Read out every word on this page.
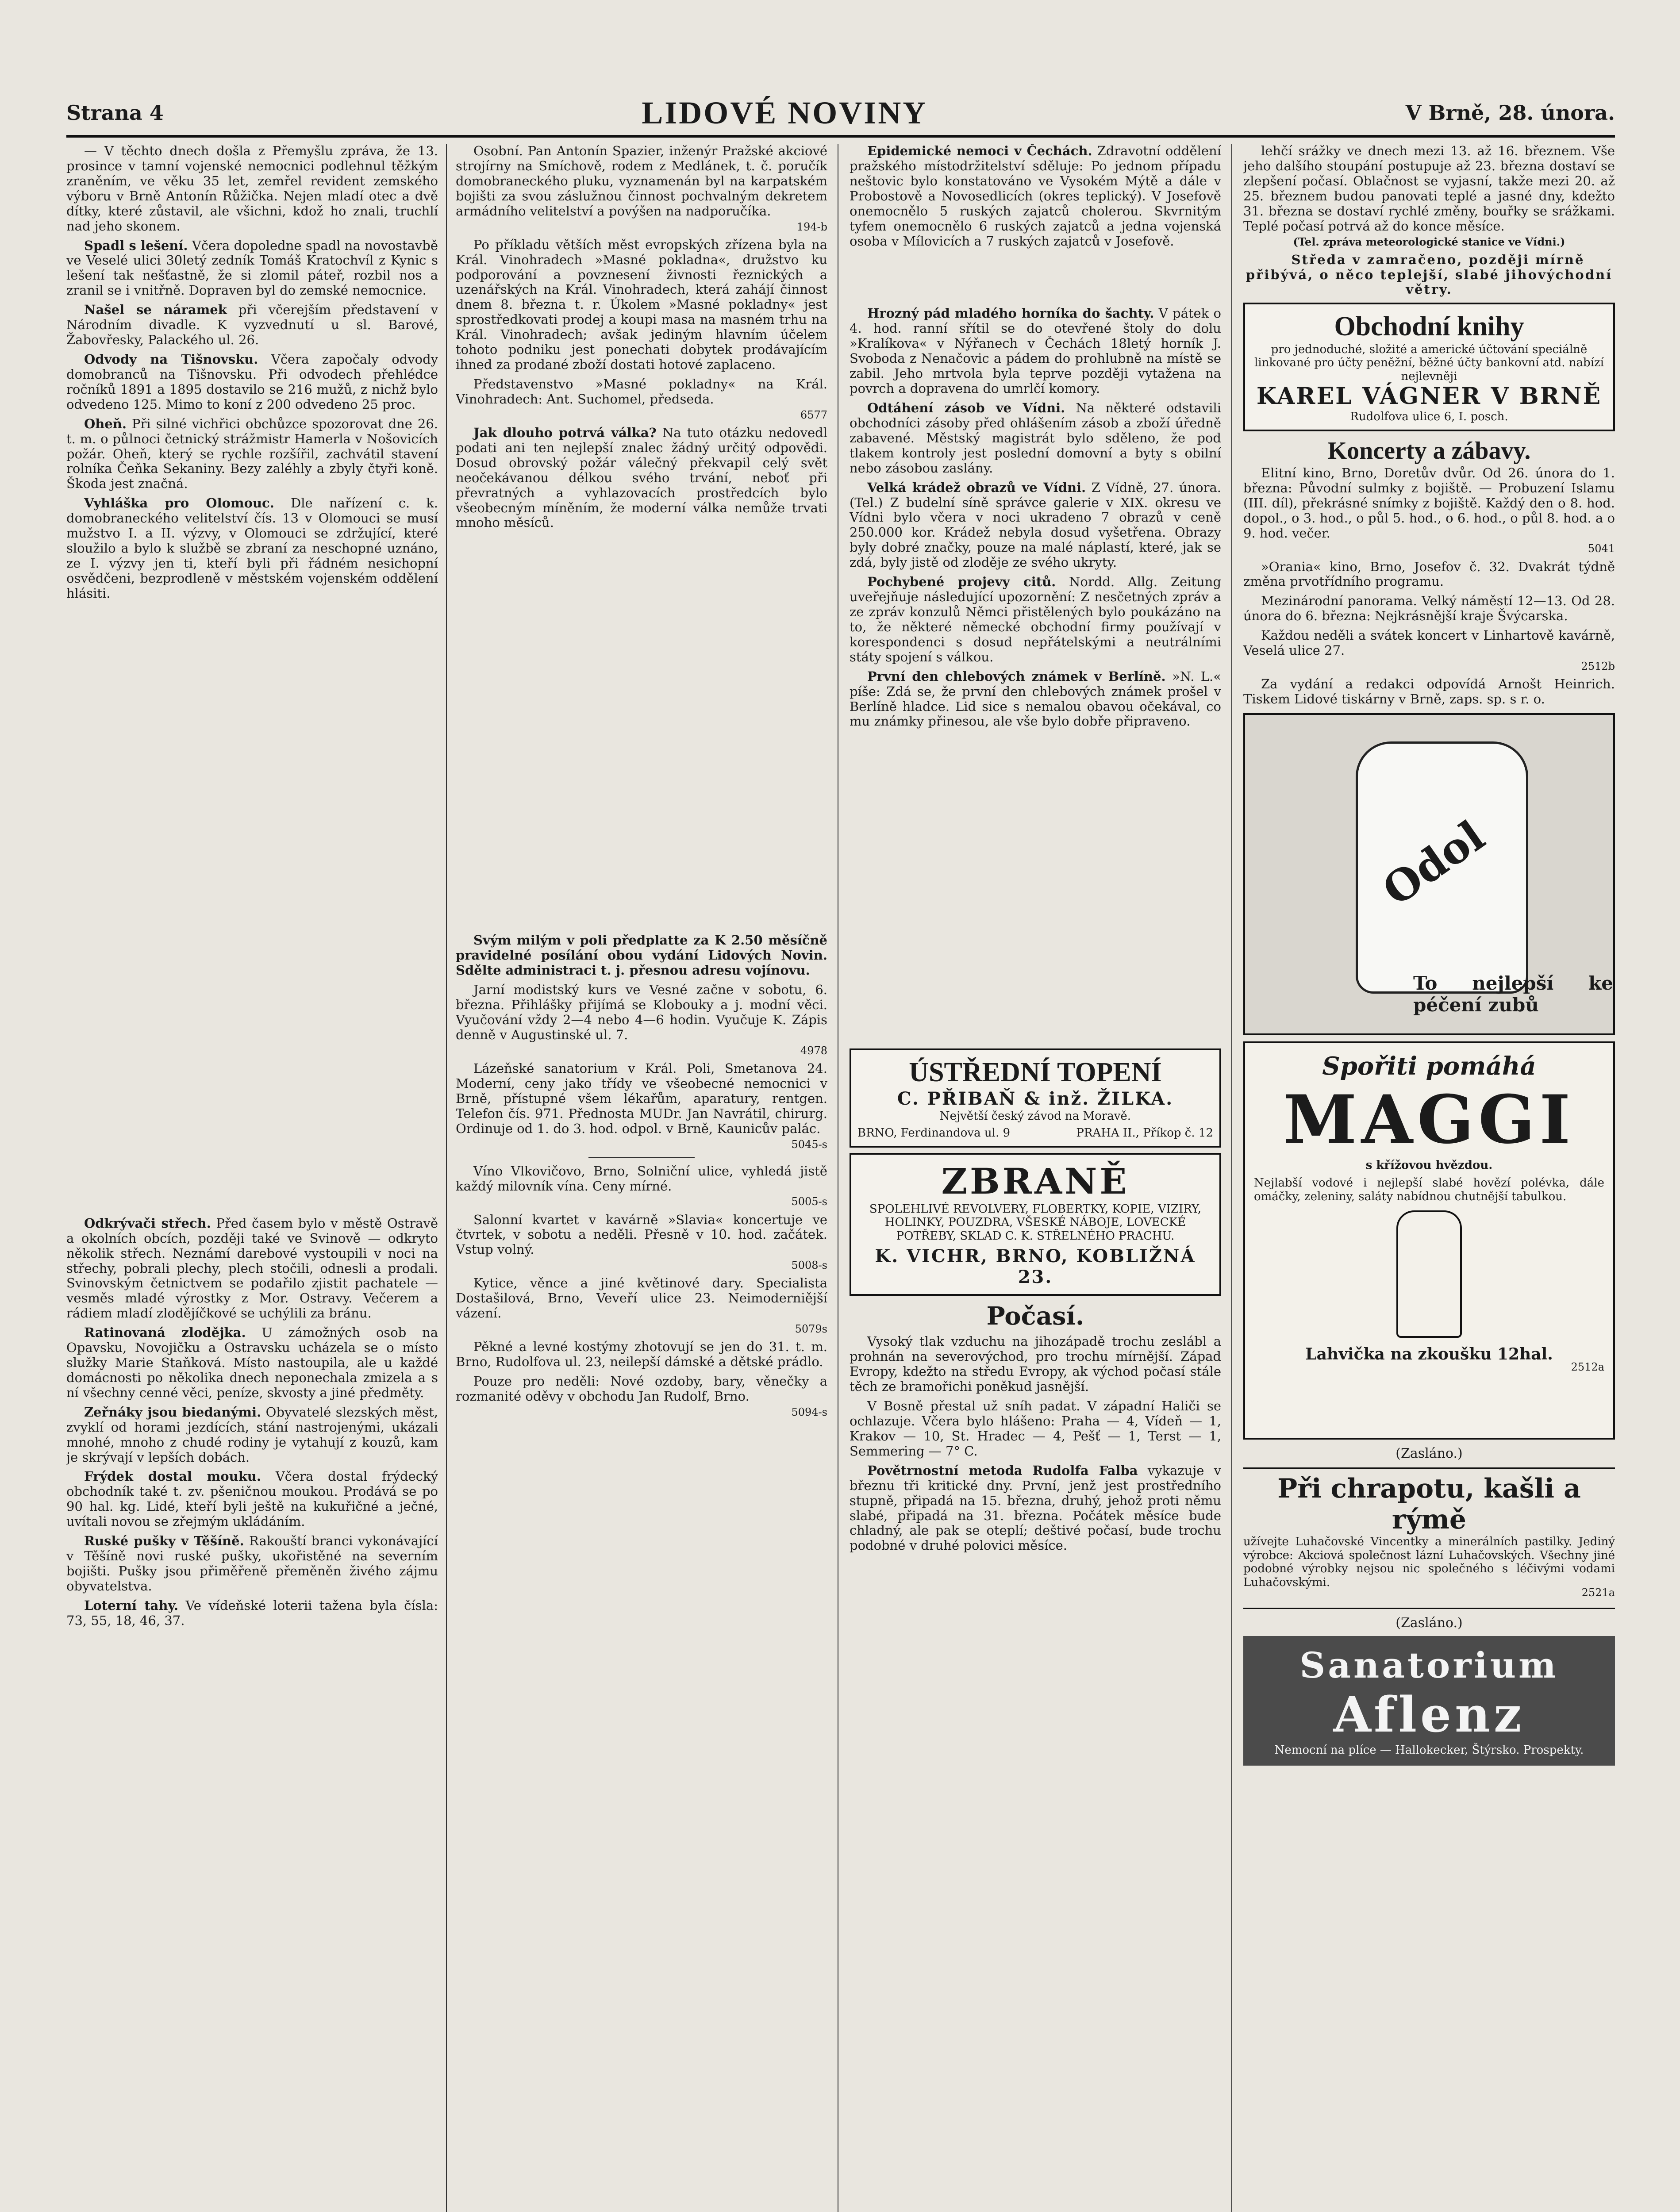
Strana 4	LIDOVÉ NOVINY	V Brně, 28. února.

— V těchto dnech došla z Přemyšlu zpráva, že 13. prosince v tamní vojenské nemocnici podlehnul těžkým zraněním, ve věku 35 let, zemřel revident zemského výboru v Brně Antonín Růžička. Nejen mladí otec a dvě dítky, které zůstavil, ale všichni, kdož ho znali, truchlí nad jeho skonem.

Spadl s lešení. Včera dopoledne spadl na novostavbě ve Veselé ulici 30letý zedník Tomáš Kratochvíl z Kynic s lešení tak nešťastně, že si zlomil páteř, rozbil nos a zranil se i vnitřně. Dopraven byl do zemské nemocnice.

Našel se náramek při včerejším představení v Národním divadle. K vyzvednutí u sl. Barové, Žabovřesky, Palackého ul. 26.

Odvody na Tišnovsku. Včera započaly odvody domobranců na Tišnovsku. Při odvodech přehlédce ročníků 1891 a 1895 dostavilo se 216 mužů, z nichž bylo odvedeno 125. Mimo to koní z 200 odvedeno 25 proc.

Oheň. Při silné vichřici obchůzce spozorovat dne 26. t. m. o půlnoci četnický strážmistr Hamerla v Nošovicích požár. Oheň, který se rychle rozšířil, zachvátil stavení rolníka Čeňka Sekaniny. Bezy zaléhly a zbyly čtyři koně. Škoda jest značná.

Vyhláška pro Olomouc. Dle nařízení c. k. domobraneckého velitelství čís. 13 v Olomouci se musí mužstvo I. a II. výzvy, v Olomouci se zdržující, které sloužilo a bylo k službě se zbraní za neschopné uznáno, ze I. výzvy jen ti, kteří byli při řádném nesichopní osvědčeni, bezprodleně v městském vojenském oddělení hlásiti.

Odkrývači střech. Před časem bylo v městě Ostravě a okolních obcích, později také ve Svinově — odkryto několik střech. Neznámí darebové vystoupili v noci na střechy, pobrali plechy, plech stočili, odnesli a prodali. Svinovským četnictvem se podařilo zjistit pachatele — vesměs mladé výrostky z Mor. Ostravy. Večerem a rádiem mladí zlodějíčkové se uchýlili za bránu.

Ratinovaná zlodějka. U zámožných osob na Opavsku, Novojičku a Ostravsku ucházela se o místo služky Marie Staňková. Místo nastoupila, ale u každé domácnosti po několika dnech neponechala zmizela a s ní všechny cenné věci, peníze, skvosty a jiné předměty.

Zeřnáky jsou biedanými. Obyvatelé slezských měst, zvyklí od horami jezdících, stání nastrojenými, ukázali mnohé, mnoho z chudé rodiny je vytahují z kouzů, kam je skrývají v lepších dobách.

Frýdek dostal mouku. Včera dostal frýdecký obchodník také t. zv. pšeničnou moukou. Prodává se po 90 hal. kg. Lidé, kteří byli ještě na kukuřičné a ječné, uvítali novou se zřejmým ukládáním.

Ruské pušky v Těšíně. Rakouští branci vykonávající v Těšíně novi ruské pušky, ukořistěné na severním bojišti. Pušky jsou přiměřeně přeměněn živého zájmu obyvatelstva.

Loterní tahy. Ve vídeňské loterii tažena byla čísla: 73, 55, 18, 46, 37.

Osobní. Pan Antonín Spazier, inženýr Pražské akciové strojírny na Smíchově, rodem z Medlánek, t. č. poručík domobraneckého pluku, vyznamenán byl na karpatském bojišti za svou záslužnou činnost pochvalným dekretem armádního velitelství a povýšen na nadporučíka.

194-b

Po příkladu větších měst evropských zřízena byla na Král. Vinohradech »Masné pokladna«, družstvo ku podporování a povznesení živnosti řeznických a uzenářských na Král. Vinohradech, která zahájí činnost dnem 8. března t. r. Úkolem »Masné pokladny« jest sprostředkovati prodej a koupi masa na masném trhu na Král. Vinohradech; avšak jediným hlavním účelem tohoto podniku jest ponechati dobytek prodávajícím ihned za prodané zboží dostati hotové zaplaceno.

Představenstvo »Masné pokladny« na Král. Vinohradech: Ant. Suchomel, předseda.

6577

Jak dlouho potrvá válka? Na tuto otázku nedovedl podati ani ten nejlepší znalec žádný určitý odpovědi. Dosud obrovský požár válečný překvapil celý svět neočekávanou délkou svého trvání, neboť při převratných a vyhlazovacích prostředcích bylo všeobecným míněním, že moderní válka nemůže trvati mnoho měsíců.

Svým milým v poli předplatte za K 2.50 měsíčně pravidelné posílání obou vydání Lidových Novin. Sdělte administraci t. j. přesnou adresu vojínovu.

Jarní modistský kurs ve Vesné začne v sobotu, 6. března. Přihlášky přijímá se Klobouky a j. modní věci. Vyučování vždy 2—4 nebo 4—6 hodin. Vyučuje K. Zápis denně v Augustinské ul. 7.

4978

Lázeňské sanatorium v Král. Poli, Smetanova 24. Moderní, ceny jako třídy ve všeobecné nemocnici v Brně, přístupné všem lékařům, aparatury, rentgen. Telefon čís. 971. Přednosta MUDr. Jan Navrátil, chirurg. Ordinuje od 1. do 3. hod. odpol. v Brně, Kaunicův palác.

5045-s

Víno Vlkovičovo, Brno, Solniční ulice, vyhledá jistě každý milovník vína. Ceny mírné.

5005-s

Salonní kvartet v kavárně »Slavia« koncertuje ve čtvrtek, v sobotu a neděli. Přesně v 10. hod. začátek. Vstup volný.

5008-s

Kytice, věnce a jiné květinové dary. Specialista Dostašilová, Brno, Veveří ulice 23. Neimoderniější vázení.

5079s

Pěkné a levné kostýmy zhotovují se jen do 31. t. m. Brno, Rudolfova ul. 23, neilepší dámské a dětské prádlo.

Pouze pro neděli: Nové ozdoby, bary, věnečky a rozmanité oděvy v obchodu Jan Rudolf, Brno.

5094-s

Epidemické nemoci v Čechách. Zdravotní oddělení pražského místodržitelství sděluje: Po jednom případu neštovic bylo konstatováno ve Vysokém Mýtě a dále v Probostově a Novosedlicích (okres teplický). V Josefově onemocnělo 5 ruských zajatců cholerou. Skvrnitým tyfem onemocnělo 6 ruských zajatců a jedna vojenská osoba v Mílovicích a 7 ruských zajatců v Josefově.

Hrozný pád mladého horníka do šachty. V pátek o 4. hod. ranní sřítil se do otevřené štoly do dolu »Kralíkova« v Nýřanech v Čechách 18letý horník J. Svoboda z Nenačovic a pádem do prohlubně na místě se zabil. Jeho mrtvola byla teprve později vytažena na povrch a dopravena do umrlčí komory.

Odtáhení zásob ve Vídni. Na některé odstavili obchodníci zásoby před ohlášením zásob a zboží úředně zabavené. Městský magistrát bylo sděleno, že pod tlakem kontroly jest poslední domovní a byty s obilní nebo zásobou zaslány.

Velká krádež obrazů ve Vídni. Z Vídně, 27. února. (Tel.) Z budelní síně správce galerie v XIX. okresu ve Vídni bylo včera v noci ukradeno 7 obrazů v ceně 250.000 kor. Krádež nebyla dosud vyšetřena. Obrazy byly dobré značky, pouze na malé náplastí, které, jak se zdá, byly jistě od zloděje ze svého ukryty.

Pochybené projevy citů. Nordd. Allg. Zeitung uveřejňuje následující upozornění: Z nesčetných zpráv a ze zpráv konzulů Němci přistělených bylo poukázáno na to, že některé německé obchodní firmy používají v korespondenci s dosud nepřátelskými a neutrálními státy spojení s válkou.

První den chlebových známek v Berlíně. »N. L.« píše: Zdá se, že první den chlebových známek prošel v Berlíně hladce. Lid sice s nemalou obavou očekával, co mu známky přinesou, ale vše bylo dobře připraveno.

ÚSTŘEDNÍ TOPENÍ
C. PŘIBAŇ & inž. ŽILKA.
Největší český závod na Moravě.
BRNO, Ferdinandova ul. 9	PRAHA II., Příkop č. 12
ZBRANĚ
SPOLEHLIVÉ REVOLVERY, FLOBERTKY, KOPIE, VIZIRY, HOLINKY, POUZDRA, VŠESKÉ NÁBOJE, LOVECKÉ POTŘEBY, SKLAD C. K. STŘELNÉHO PRACHU.
K. VICHR, BRNO, KOBLIŽNÁ 23.
Počasí.

Vysoký tlak vzduchu na jihozápadě trochu zeslábl a prohnán na severovýchod, pro trochu mírnější. Západ Evropy, kdežto na středu Evropy, ak východ počasí stále těch ze bramořichi poněkud jasnější.

V Bosně přestal už sníh padat. V západní Haliči se ochlazuje. Včera bylo hlášeno: Praha — 4, Vídeň — 1, Krakov — 10, St. Hradec — 4, Pešť — 1, Terst — 1, Semmering — 7° C.

Povětrnostní metoda Rudolfa Falba vykazuje v březnu tři kritické dny. První, jenž jest prostředního stupně, připadá na 15. března, druhý, jehož proti němu slabé, připadá na 31. března. Počátek měsíce bude chladný, ale pak se oteplí; deštivé počasí, bude trochu podobné v druhé polovici měsíce.

lehčí srážky ve dnech mezi 13. až 16. březnem. Vše jeho dalšího stoupání postupuje až 23. března dostaví se zlepšení počasí. Oblačnost se vyjasní, takže mezi 20. až 25. březnem budou panovati teplé a jasné dny, kdežto 31. března se dostaví rychlé změny, bouřky se srážkami. Teplé počasí potrvá až do konce měsíce.

(Tel. zpráva meteorologické stanice ve Vídni.)

Středa v zamračeno, později mírně přibývá, o něco teplejší, slabé jihovýchodní větry.

Obchodní knihy
pro jednoduché, složité a americké účtování speciálně linkované pro účty peněžní, běžné účty bankovní atd. nabízí nejlevněji
KAREL VÁGNER V BRNĚ
Rudolfova ulice 6, I. posch.
Koncerty a zábavy.

Elitní kino, Brno, Doretův dvůr. Od 26. února do 1. března: Původní sulmky z bojiště. — Probuzení Islamu (III. díl), překrásné snímky z bojiště. Každý den o 8. hod. dopol., o 3. hod., o půl 5. hod., o 6. hod., o půl 8. hod. a o 9. hod. večer.

5041

»Orania« kino, Brno, Josefov č. 32. Dvakrát týdně změna prvotřídního programu.

Mezinárodní panorama. Velký náměstí 12—13. Od 28. února do 6. března: Nejkrásnější kraje Švýcarska.

Každou neděli a svátek koncert v Linhartově kavárně, Veselá ulice 27.

2512b

Za vydání a redakci odpovídá Arnošt Heinrich. Tiskem Lidové tiskárny v Brně, zaps. sp. s r. o.

Odol
To nejlepší ke péčení zubů
Spořiti pomáhá
MAGGI
s křížovou hvězdou.
Nejlabší vodové i nejlepší slabé hovězí polévka, dále omáčky, zeleniny, saláty nabídnou chutnější tabulkou.
Lahvička na zkoušku 12hal.
2512a
(Zasláno.)
Při chrapotu, kašli a rýmě
užívejte Luhačovské Vincentky a minerálních pastilky. Jediný výrobce: Akciová společnost lázní Luhačovských. Všechny jiné podobné výrobky nejsou nic společného s léčivými vodami Luhačovskými.
2521a
(Zasláno.)
Sanatorium
Aflenz
Nemocní na plíce — Hallokecker, Štýrsko. Prospekty.
